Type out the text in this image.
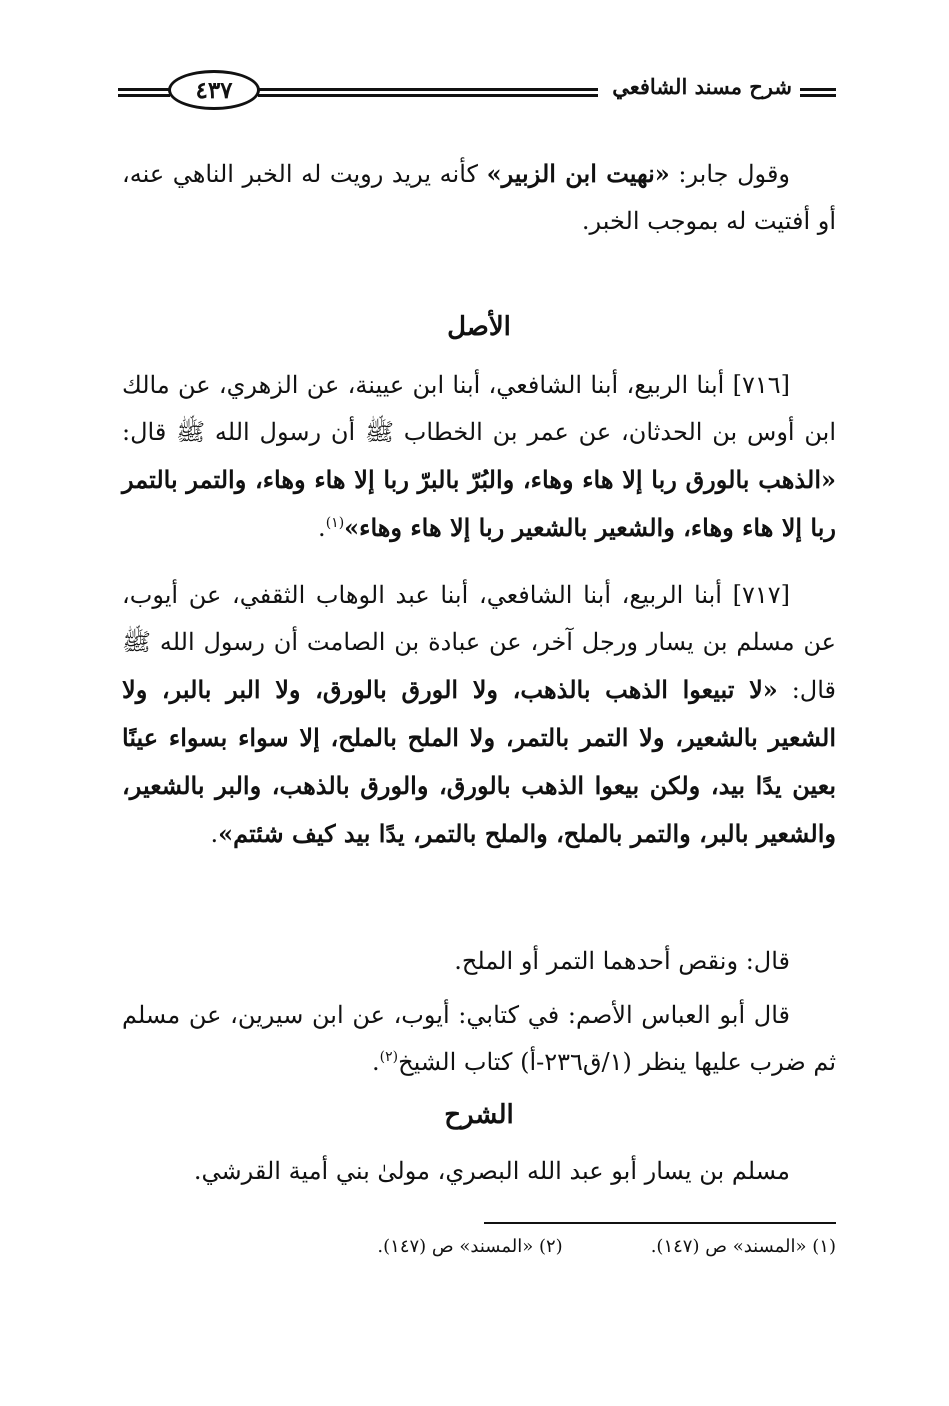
شرح مسند الشافعي
٤٣٧
وقول جابر: «نهيت ابن الزبير» كأنه يريد رويت له الخبر الناهي عنه، أو أفتيت له بموجب الخبر.
الأصل
[٧١٦] أبنا الربيع، أبنا الشافعي، أبنا ابن عيينة، عن الزهري، عن مالك ابن أوس بن الحدثان، عن عمر بن الخطاب ﷺ أن رسول الله ﷺ قال: «الذهب بالورق ربا إلا هاء وهاء، والبُرّ بالبرّ ربا إلا هاء وهاء، والتمر بالتمر ربا إلا هاء وهاء، والشعير بالشعير ربا إلا هاء وهاء»$^{(١)}$.
[٧١٧] أبنا الربيع، أبنا الشافعي، أبنا عبد الوهاب الثقفي، عن أيوب، عن مسلم بن يسار ورجل آخر، عن عبادة بن الصامت أن رسول الله ﷺ قال: «لا تبيعوا الذهب بالذهب، ولا الورق بالورق، ولا البر بالبر، ولا الشعير بالشعير، ولا التمر بالتمر، ولا الملح بالملح، إلا سواء بسواء عينًا بعين يدًا بيد، ولكن بيعوا الذهب بالورق، والورق بالذهب، والبر بالشعير، والشعير بالبر، والتمر بالملح، والملح بالتمر، يدًا بيد كيف شئتم».
قال: ونقص أحدهما التمر أو الملح.
قال أبو العباس الأصم: في كتابي: أيوب، عن ابن سيرين، عن مسلم ثم ضرب عليها ينظر (١/ق٢٣٦-أ) كتاب الشيخ$^{(٢)}$.
الشرح
مسلم بن يسار أبو عبد الله البصري، مولىٰ بني أمية القرشي.
(١) «المسند» ص (١٤٧).
(٢) «المسند» ص (١٤٧).
